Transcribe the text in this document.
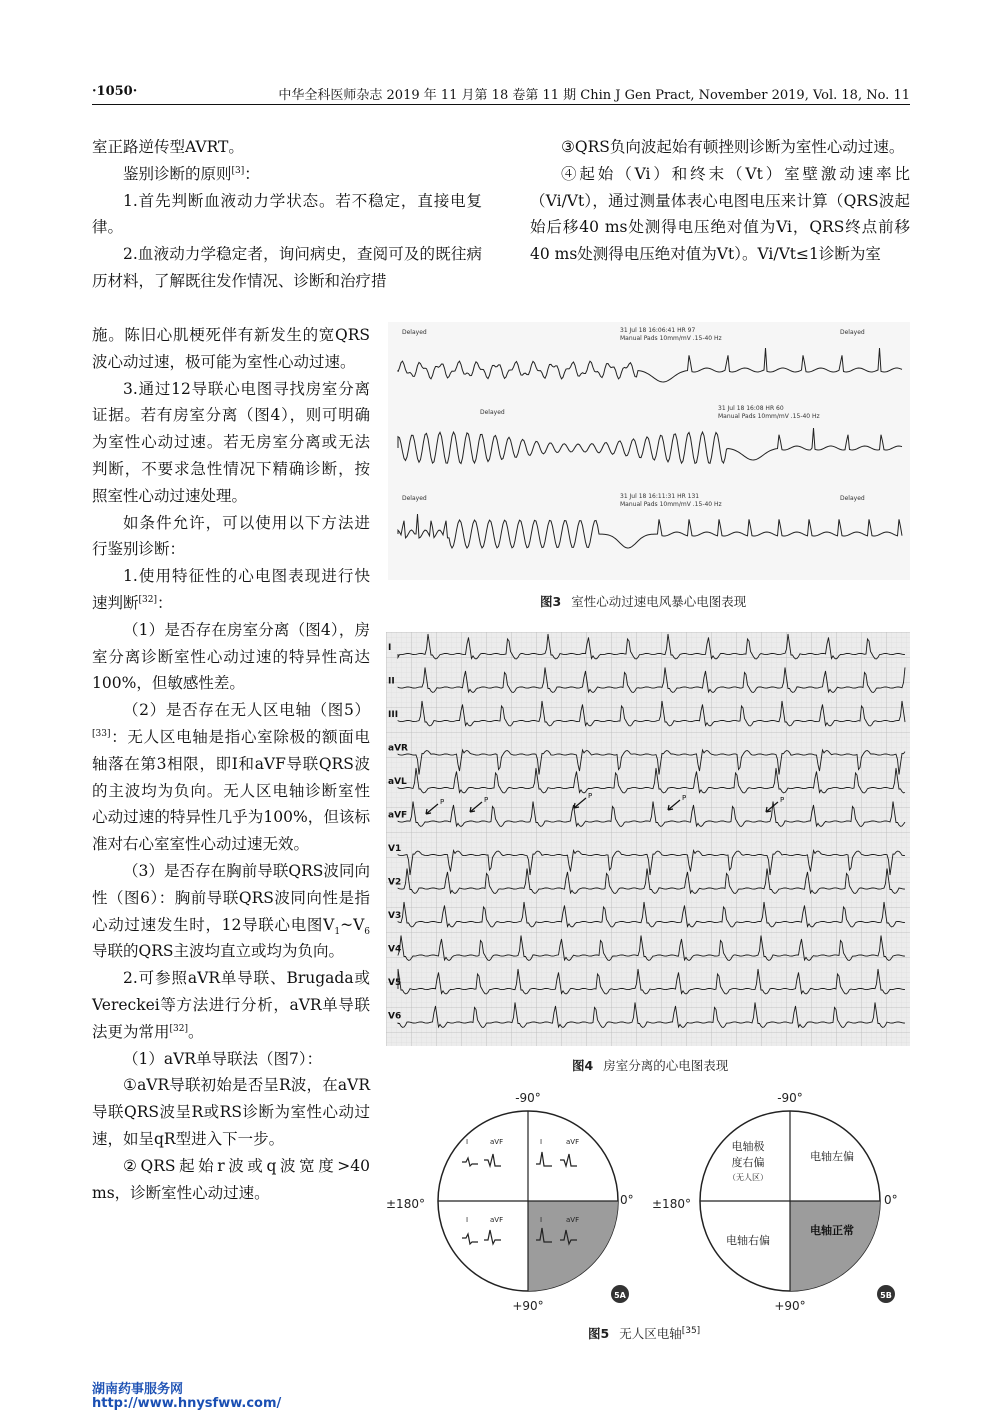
·1050·	中华全科医师杂志 2019 年 11 月第 18 卷第 11 期 Chin J Gen Pract, November 2019, Vol. 18, No. 11

室正路逆传型AVRT。

鉴别诊断的原则[3]：

1.首先判断血液动力学状态。若不稳定，直接电复律。

2.血液动力学稳定者，询问病史，查阅可及的既往病历材料，了解既往发作情况、诊断和治疗措

施。陈旧心肌梗死伴有新发生的宽QRS波心动过速，极可能为室性心动过速。

3.通过12导联心电图寻找房室分离证据。若有房室分离（图4），则可明确为室性心动过速。若无房室分离或无法判断，不要求急性情况下精确诊断，按照室性心动过速处理。

如条件允许，可以使用以下方法进行鉴别诊断：

1.使用特征性的心电图表现进行快速判断[32]：

（1）是否存在房室分离（图4），房室分离诊断室性心动过速的特异性高达100%，但敏感性差。

（2）是否存在无人区电轴（图5）[33]：无人区电轴是指心室除极的额面电轴落在第3相限，即Ⅰ和aVF导联QRS波的主波均为负向。无人区电轴诊断室性心动过速的特异性几乎为100%，但该标准对右心室室性心动过速无效。

（3）是否存在胸前导联QRS波同向性（图6）：胸前导联QRS波同向性是指心动过速发生时，12导联心电图$V_1\sim V_6$导联的QRS主波均直立或均为负向。

2.可参照aVR单导联、Brugada或Vereckei等方法进行分析，aVR单导联法更为常用[32]。

（1）aVR单导联法（图7）：

①aVR导联初始是否呈R波，在aVR导联QRS波呈R或RS诊断为室性心动过速，如呈qR型进入下一步。

②QRS起始r波或q波宽度>40 ms，诊断室性心动过速。

③QRS负向波起始有顿挫则诊断为室性心动过速。

④起始（Vi）和终末（Vt）室壁激动速率比（Vi/Vt），通过测量体表心电图电压来计算（QRS波起始后移40 ms处测得电压绝对值为Vi，QRS终点前移40 ms处测得电压绝对值为Vt）。Vi/Vt≤1诊断为室

Delayed	31 Jul 18 16:06:41 HR 97
Manual Pads 10mm/mV .15-40 Hz
Delayed
Delayed
31 Jul 18 16:08 HR 60
Manual Pads 10mm/mV .15-40 Hz
Delayed	31 Jul 18 16:11:31 HR 131
Manual Pads 10mm/mV .15-40 Hz
Delayed
图3 室性心动过速电风暴心电图表现
I
II
III
aVR
aVL
aVF
V1
V2
V3
V4
V5
V6
P	P	P	P	P
图4 房室分离的心电图表现
-90°
+90°
±180°	0°
I	aVF	I	aVF
I	aVF	I	aVF
5A
-90°
+90°
±180°	0°
电轴极
度右偏
（无人区）
电轴左偏
电轴右偏
电轴正常
5B
图5 无人区电轴[35]
湖南药事服务网
http://www.hnysfww.com/
